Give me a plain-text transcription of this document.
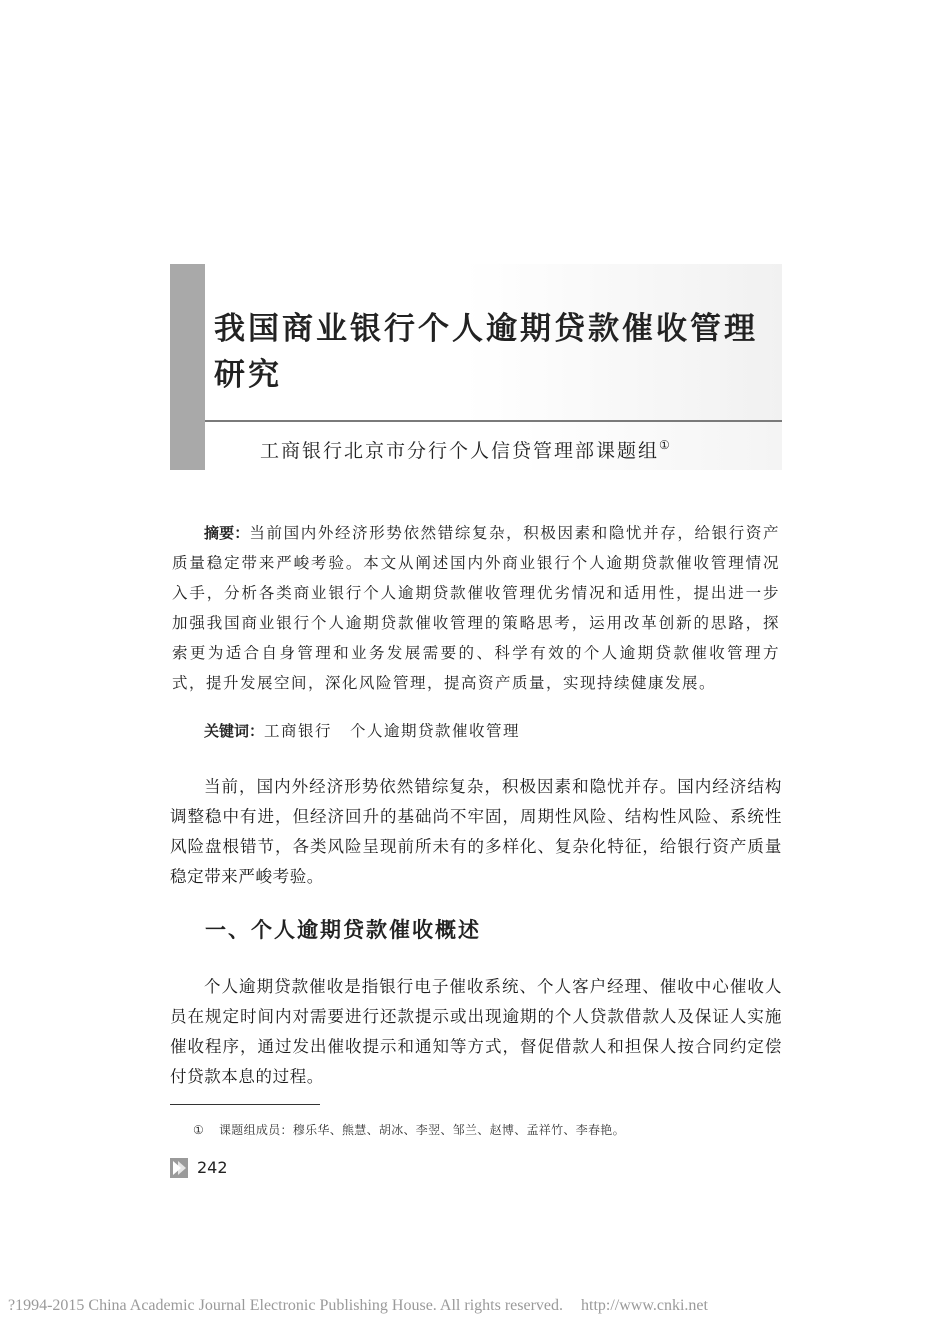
我国商业银行个人逾期贷款催收管理
研究
工商银行北京市分行个人信贷管理部课题组①

摘要：当前国内外经济形势依然错综复杂，积极因素和隐忧并存，给银行资产质量稳定带来严峻考验。本文从阐述国内外商业银行个人逾期贷款催收管理情况入手，分析各类商业银行个人逾期贷款催收管理优劣情况和适用性，提出进一步加强我国商业银行个人逾期贷款催收管理的策略思考，运用改革创新的思路，探索更为适合自身管理和业务发展需要的、科学有效的个人逾期贷款催收管理方式，提升发展空间，深化风险管理，提高资产质量，实现持续健康发展。

关键词：工商银行 个人逾期贷款催收管理

当前，国内外经济形势依然错综复杂，积极因素和隐忧并存。国内经济结构调整稳中有进，但经济回升的基础尚不牢固，周期性风险、结构性风险、系统性风险盘根错节，各类风险呈现前所未有的多样化、复杂化特征，给银行资产质量稳定带来严峻考验。

一、个人逾期贷款催收概述

个人逾期贷款催收是指银行电子催收系统、个人客户经理、催收中心催收人员在规定时间内对需要进行还款提示或出现逾期的个人贷款借款人及保证人实施催收程序，通过发出催收提示和通知等方式，督促借款人和担保人按合同约定偿付贷款本息的过程。

① 课题组成员：穆乐华、熊慧、胡冰、李翌、邹兰、赵博、孟祥竹、李春艳。
242
?1994-2015 China Academic Journal Electronic Publishing House. All rights reserved. http://www.cnki.net
